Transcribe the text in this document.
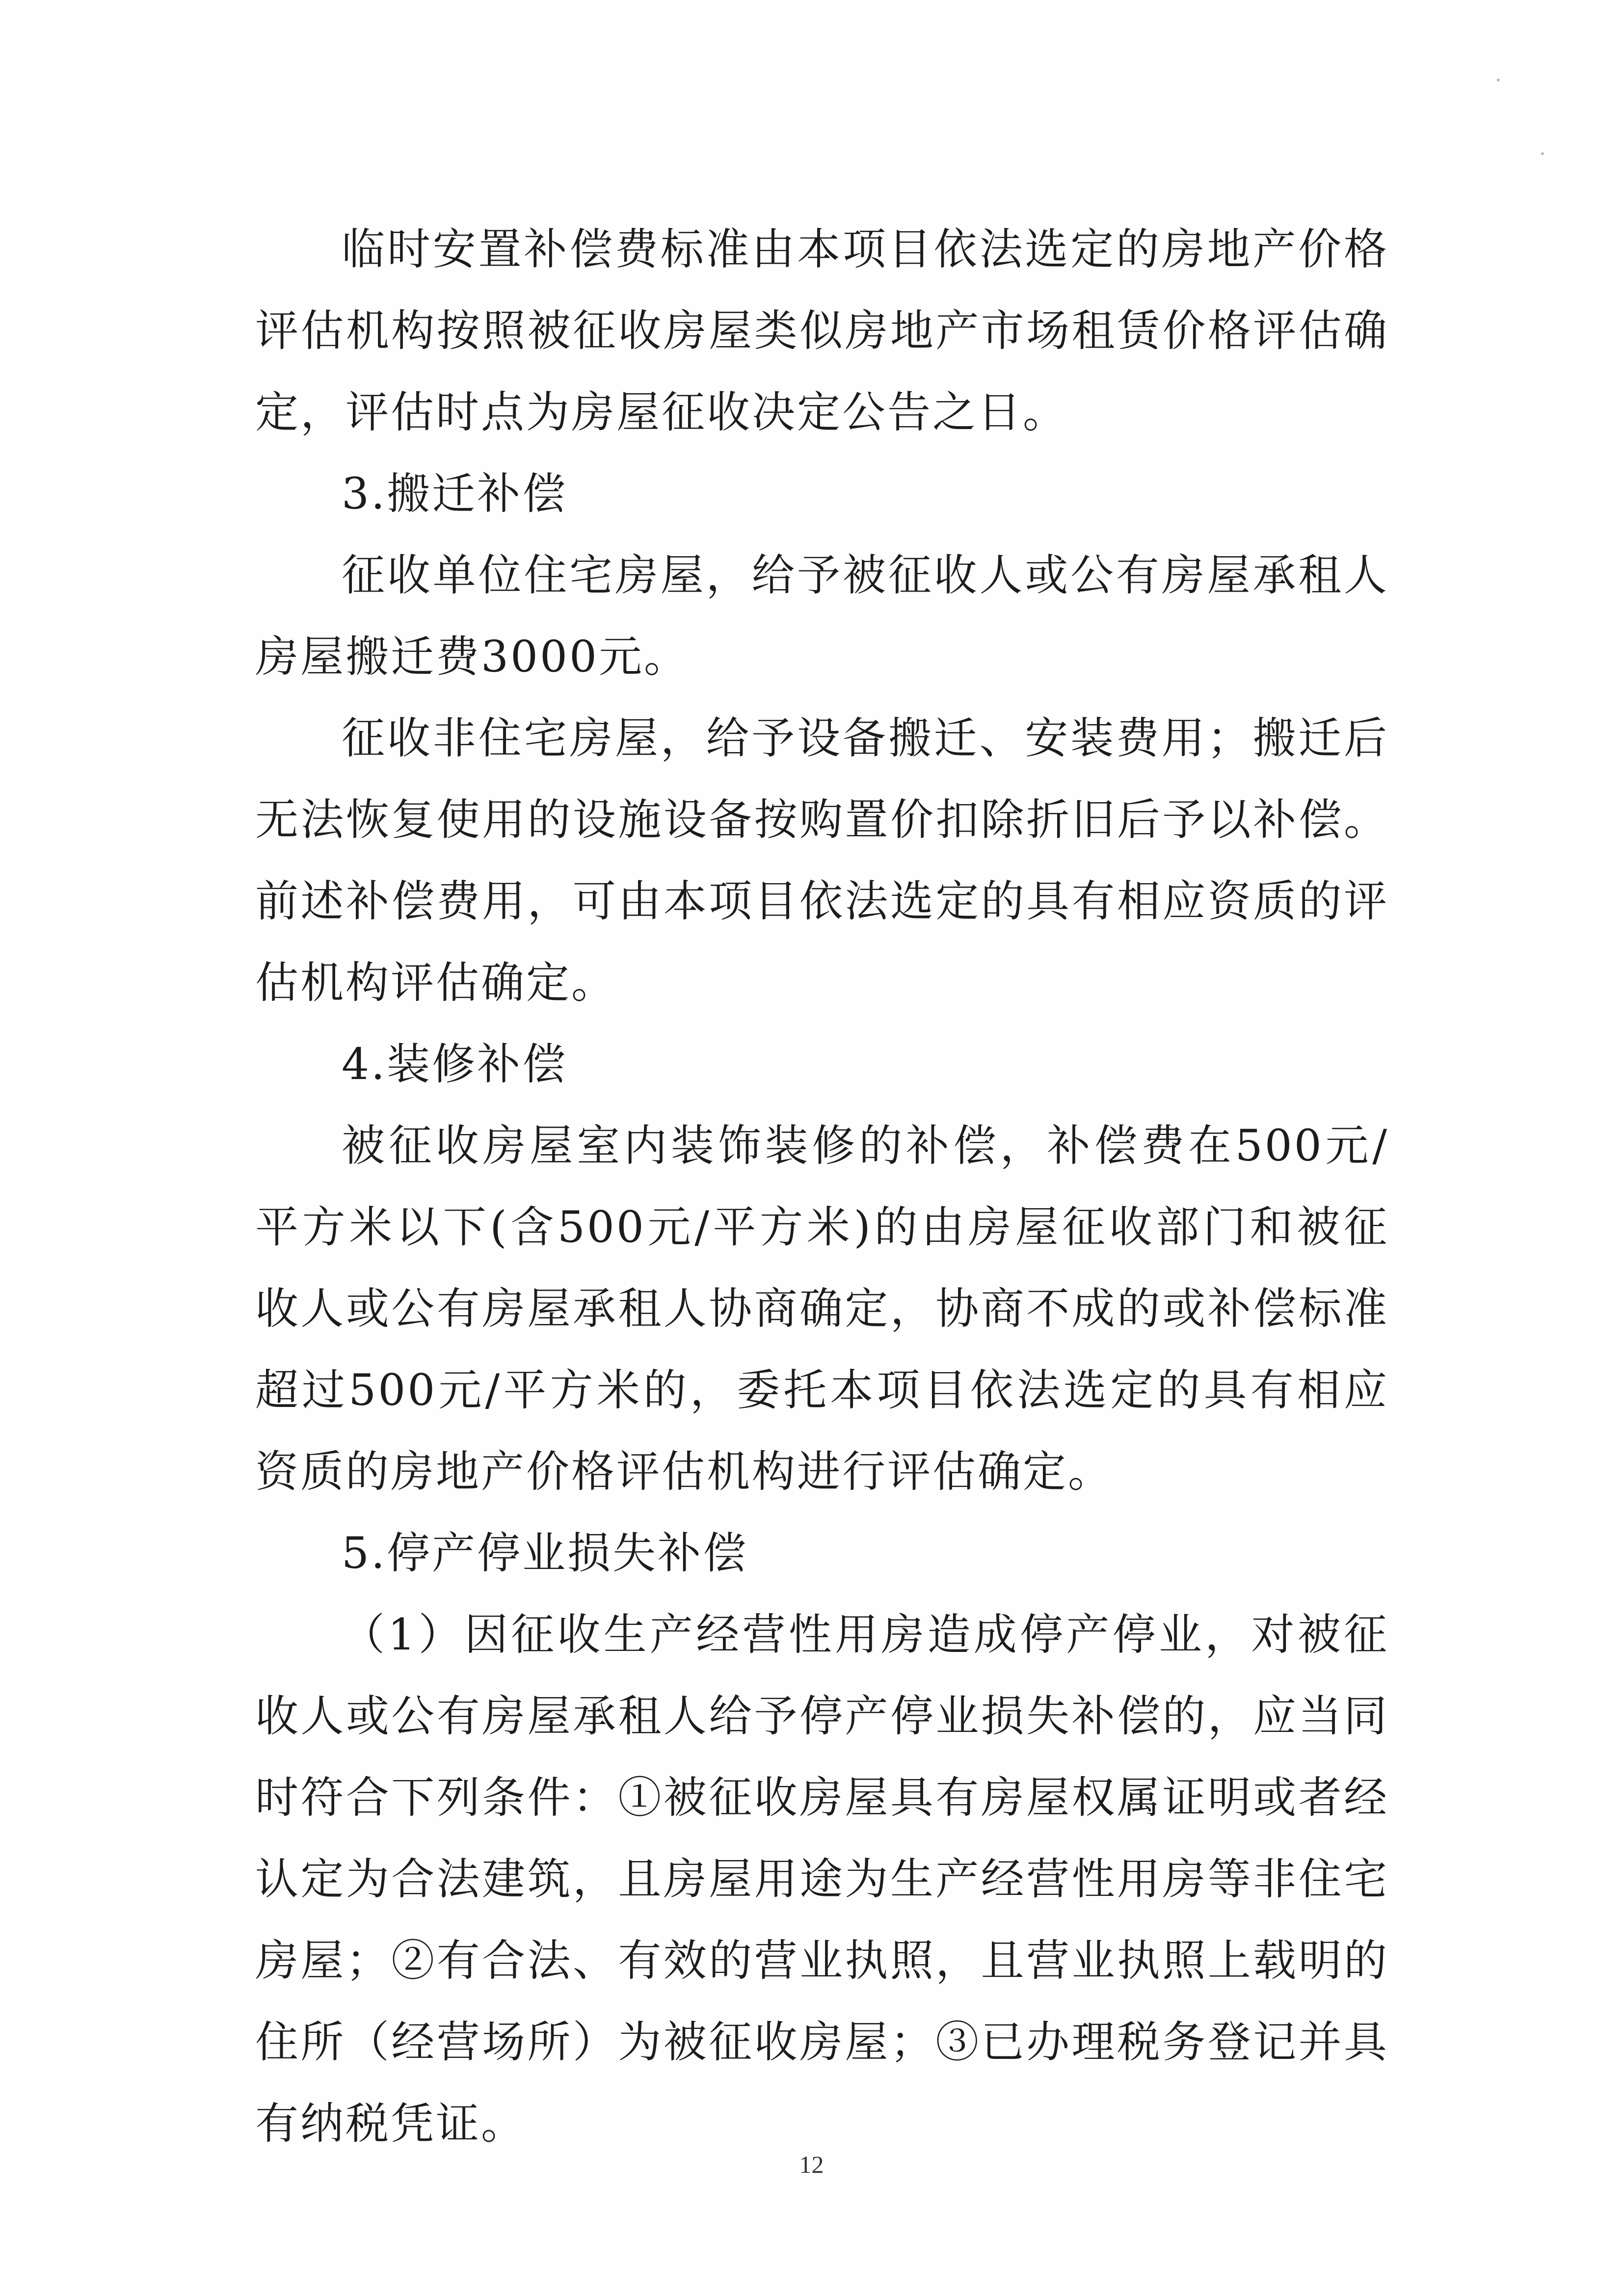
临时安置补偿费标准由本项目依法选定的房地产价格评估机构按照被征收房屋类似房地产市场租赁价格评估确定，评估时点为房屋征收决定公告之日。

3.搬迁补偿

征收单位住宅房屋，给予被征收人或公有房屋承租人房屋搬迁费3000元。

征收非住宅房屋，给予设备搬迁、安装费用；搬迁后无法恢复使用的设施设备按购置价扣除折旧后予以补偿。前述补偿费用，可由本项目依法选定的具有相应资质的评估机构评估确定。

4.装修补偿

被征收房屋室内装饰装修的补偿，补偿费在500元/平方米以下(含500元/平方米)的由房屋征收部门和被征收人或公有房屋承租人协商确定，协商不成的或补偿标准超过500元/平方米的，委托本项目依法选定的具有相应资质的房地产价格评估机构进行评估确定。

5.停产停业损失补偿

（1）因征收生产经营性用房造成停产停业，对被征收人或公有房屋承租人给予停产停业损失补偿的，应当同时符合下列条件：①被征收房屋具有房屋权属证明或者经认定为合法建筑，且房屋用途为生产经营性用房等非住宅房屋；②有合法、有效的营业执照，且营业执照上载明的住所（经营场所）为被征收房屋；③已办理税务登记并具有纳税凭证。

12
